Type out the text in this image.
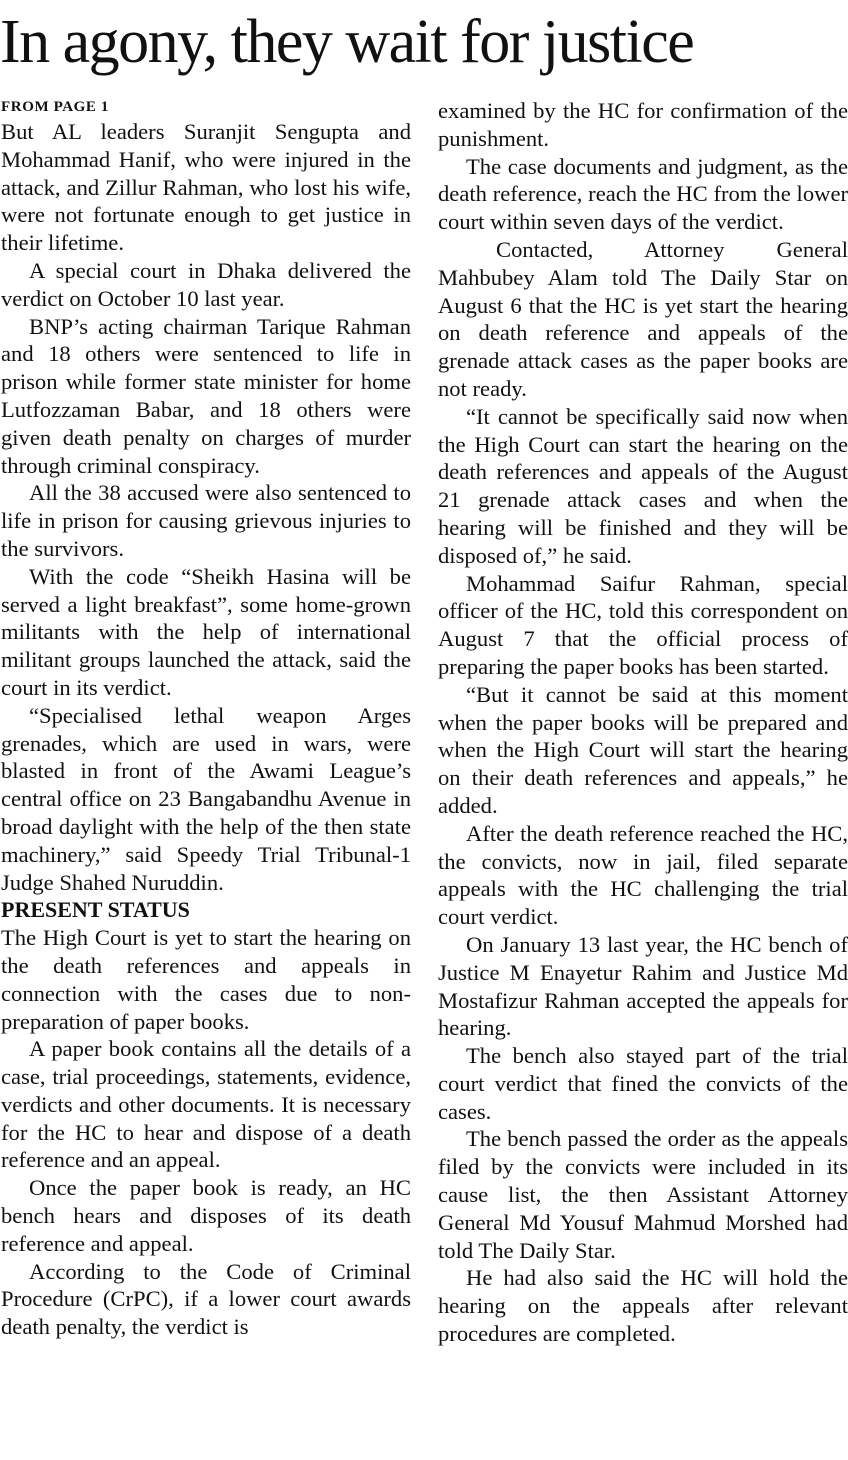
In agony, they wait for justice
FROM PAGE 1

But AL leaders Suranjit Sengupta and Mohammad Hanif, who were injured in the attack, and Zillur Rahman, who lost his wife, were not fortunate enough to get justice in their lifetime.

A special court in Dhaka delivered the verdict on October 10 last year.

BNP’s acting chairman Tarique Rahman and 18 others were sentenced to life in prison while former state minister for home Lutfozzaman Babar, and 18 others were given death penalty on charges of murder through criminal conspiracy.

All the 38 accused were also sentenced to life in prison for causing grievous injuries to the survivors.

With the code “Sheikh Hasina will be served a light breakfast”, some home-grown militants with the help of international militant groups launched the attack, said the court in its verdict.

“Specialised lethal weapon Arges grenades, which are used in wars, were blasted in front of the Awami League’s central office on 23 Bangabandhu Avenue in broad daylight with the help of the then state machinery,” said Speedy Trial Tribunal-1 Judge Shahed Nuruddin.

PRESENT STATUS

The High Court is yet to start the hearing on the death references and appeals in connection with the cases due to non-preparation of paper books.

A paper book contains all the details of a case, trial proceedings, statements, evidence, verdicts and other documents. It is necessary for the HC to hear and dispose of a death reference and an appeal.

Once the paper book is ready, an HC bench hears and disposes of its death reference and appeal.

According to the Code of Criminal Procedure (CrPC), if a lower court awards death penalty, the verdict is

examined by the HC for confirmation of the punishment.

The case documents and judgment, as the death reference, reach the HC from the lower court within seven days of the verdict.

Contacted, Attorney General Mahbubey Alam told The Daily Star on August 6 that the HC is yet start the hearing on death reference and appeals of the grenade attack cases as the paper books are not ready.

“It cannot be specifically said now when the High Court can start the hearing on the death references and appeals of the August 21 grenade attack cases and when the hearing will be finished and they will be disposed of,” he said.

Mohammad Saifur Rahman, special officer of the HC, told this correspondent on August 7 that the official process of preparing the paper books has been started.

“But it cannot be said at this moment when the paper books will be prepared and when the High Court will start the hearing on their death references and appeals,” he added.

After the death reference reached the HC, the convicts, now in jail, filed separate appeals with the HC challenging the trial court verdict.

On January 13 last year, the HC bench of Justice M Enayetur Rahim and Justice Md Mostafizur Rahman accepted the appeals for hearing.

The bench also stayed part of the trial court verdict that fined the convicts of the cases.

The bench passed the order as the appeals filed by the convicts were included in its cause list, the then Assistant Attorney General Md Yousuf Mahmud Morshed had told The Daily Star.

He had also said the HC will hold the hearing on the appeals after relevant procedures are completed.
